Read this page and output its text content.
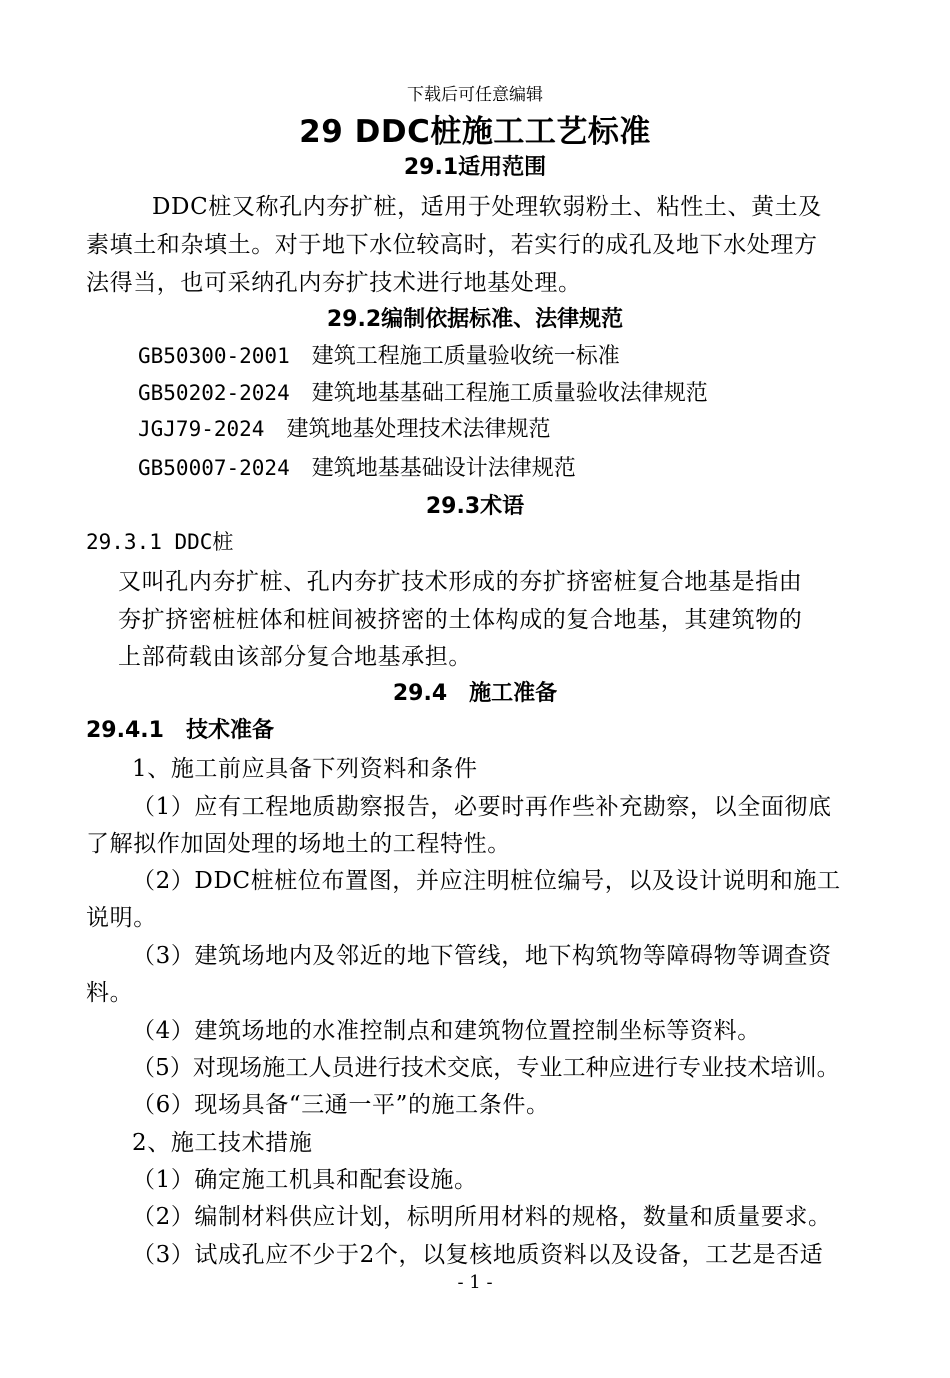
下载后可任意编辑
29 DDC桩施工工艺标准
29.1适用范围
DDC桩又称孔内夯扩桩，适用于处理软弱粉土、粘性土、黄土及
素填土和杂填土。对于地下水位较高时，若实行的成孔及地下水处理方
法得当，也可采纳孔内夯扩技术进行地基处理。
29.2编制依据标准、法律规范
GB50300-2001 建筑工程施工质量验收统一标准
GB50202-2024 建筑地基基础工程施工质量验收法律规范
JGJ79-2024 建筑地基处理技术法律规范
GB50007-2024 建筑地基基础设计法律规范
29.3术语
29.3.1 DDC桩
又叫孔内夯扩桩、孔内夯扩技术形成的夯扩挤密桩复合地基是指由
夯扩挤密桩桩体和桩间被挤密的土体构成的复合地基，其建筑物的
上部荷载由该部分复合地基承担。
29.4　施工准备
29.4.1　技术准备
1、施工前应具备下列资料和条件
（1）应有工程地质勘察报告，必要时再作些补充勘察，以全面彻底
了解拟作加固处理的场地土的工程特性。
（2）DDC桩桩位布置图，并应注明桩位编号，以及设计说明和施工
说明。
（3）建筑场地内及邻近的地下管线，地下构筑物等障碍物等调查资
料。
（4）建筑场地的水准控制点和建筑物位置控制坐标等资料。
（5）对现场施工人员进行技术交底，专业工种应进行专业技术培训。
（6）现场具备“三通一平”的施工条件。
2、施工技术措施
（1）确定施工机具和配套设施。
（2）编制材料供应计划，标明所用材料的规格，数量和质量要求。
（3）试成孔应不少于2个，以复核地质资料以及设备，工艺是否适
- 1 -
